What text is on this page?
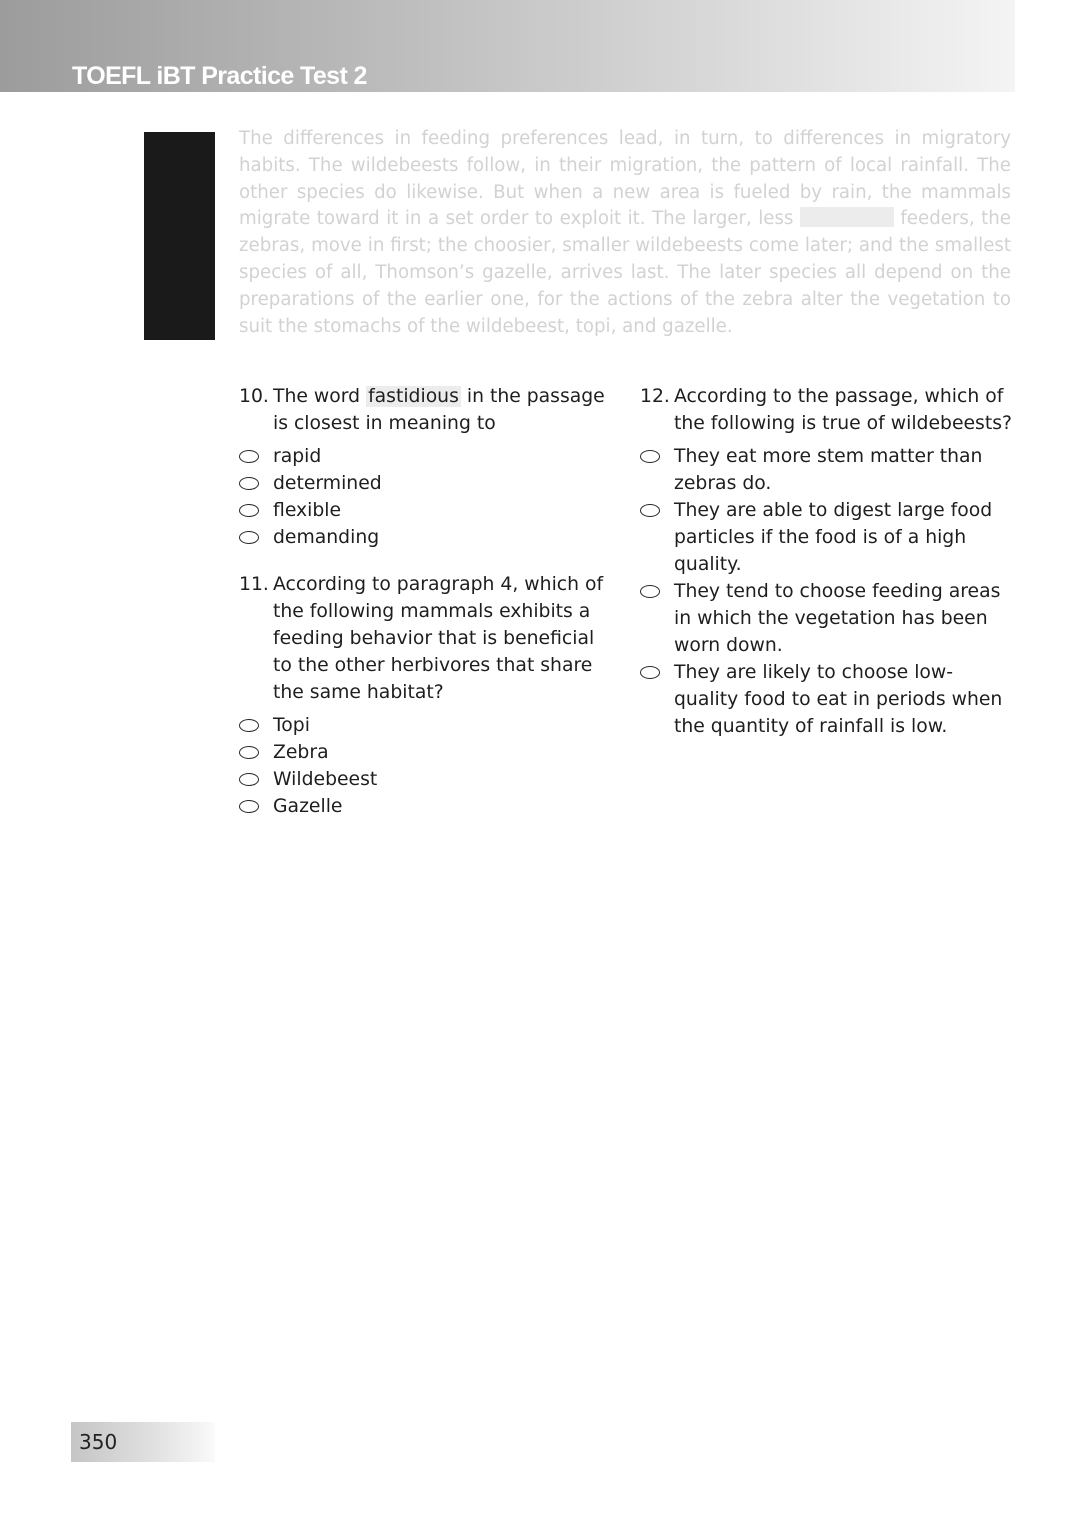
TOEFL iBT Practice Test 2

The differences in feeding preferences lead, in turn, to differences in migratory habits. The wildebeests follow, in their migration, the pattern of local rainfall. The other species do likewise. But when a new area is fueled by rain, the mammals migrate toward it in a set order to exploit it. The larger, less	feeders, the zebras, move in first; the choosier, smaller wildebeests come later; and the smallest species of all, Thomson’s gazelle, arrives last. The later species all depend on the preparations of the earlier one, for the actions of the zebra alter the vegetation to suit the stomachs of the wildebeest, topi, and gazelle.

10. The word fastidious in the passage is closest in meaning to
rapid
determined
flexible
demanding
11. According to paragraph 4, which of the following mammals exhibits a feeding behavior that is beneficial to the other herbivores that share the same habitat?
Topi
Zebra
Wildebeest
Gazelle
12. According to the passage, which of the following is true of wildebeests?
They eat more stem matter than zebras do.
They are able to digest large food particles if the food is of a high quality.
They tend to choose feeding areas in which the vegetation has been worn down.
They are likely to choose low-quality food to eat in periods when the quantity of rainfall is low.
350
